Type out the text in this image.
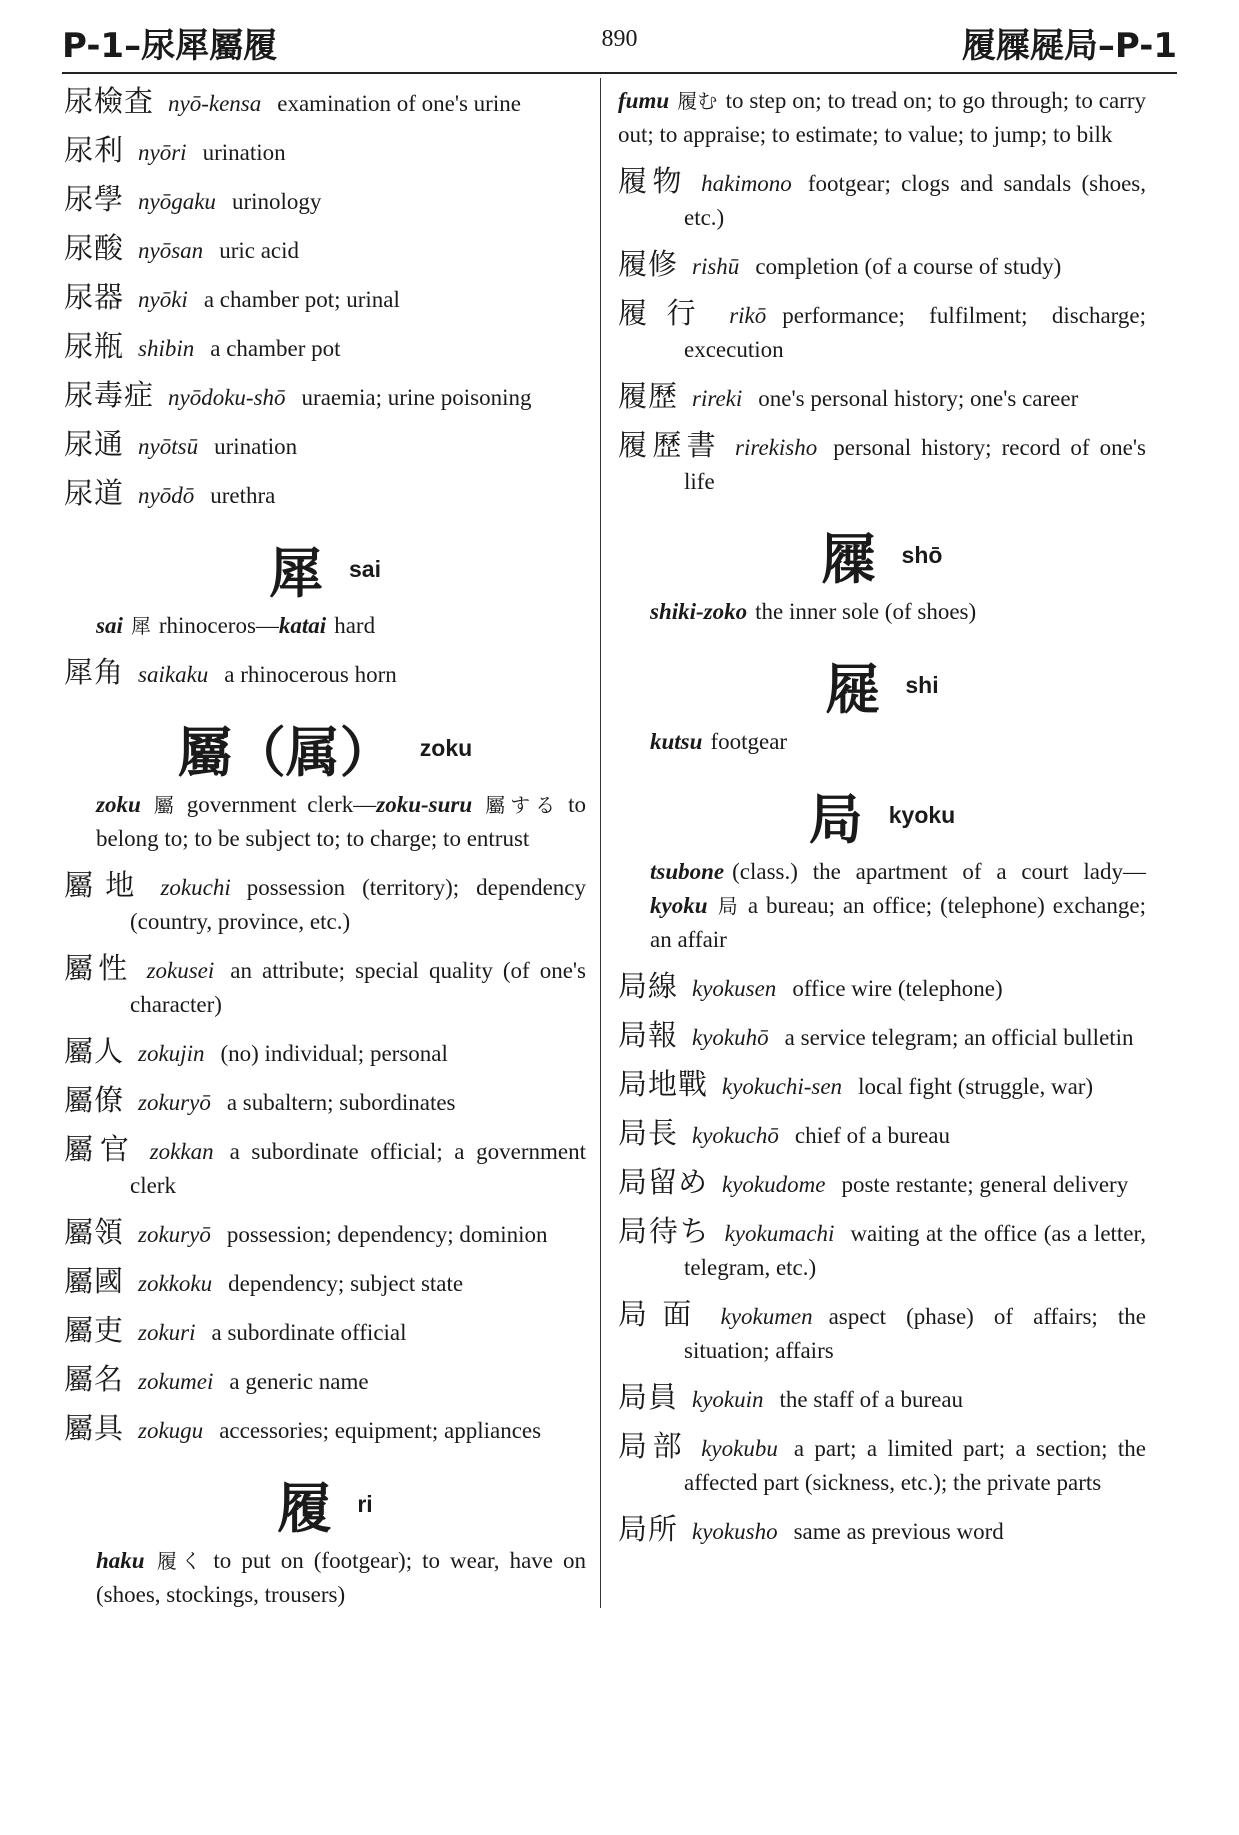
P-1–尿犀屬履	890	履屧屣局–P-1

尿檢査 nyō-kensa examination of one's urine

尿利 nyōri urination

尿學 nyōgaku urinology

尿酸 nyōsan uric acid

尿器 nyōki a chamber pot; urinal

尿瓶 shibin a chamber pot

尿毒症 nyōdoku-shō uraemia; urine poisoning

尿通 nyōtsū urination

尿道 nyōdō urethra

犀 sai

sai 犀 rhinoceros—katai hard

犀角 saikaku a rhinocerous horn

屬（属） zoku

zoku 屬 government clerk—zoku-suru 屬する to belong to; to be subject to; to charge; to entrust

屬地 zokuchi possession (territory); dependency (country, province, etc.)

屬性 zokusei an attribute; special quality (of one's character)

屬人 zokujin (no) individual; personal

屬僚 zokuryō a subaltern; subordinates

屬官 zokkan a subordinate official; a government clerk

屬領 zokuryō possession; dependency; dominion

屬國 zokkoku dependency; subject state

屬吏 zokuri a subordinate official

屬名 zokumei a generic name

屬具 zokugu accessories; equipment; appliances

履 ri

haku 履く to put on (footgear); to wear, have on (shoes, stockings, trousers)

fumu 履む to step on; to tread on; to go through; to carry out; to appraise; to estimate; to value; to jump; to bilk

履物 hakimono footgear; clogs and sandals (shoes, etc.)

履修 rishū completion (of a course of study)

履行 rikō performance; fulfilment; discharge; excecution

履歷 rireki one's personal history; one's career

履歷書 rirekisho personal history; record of one's life

屧 shō

shiki-zoko the inner sole (of shoes)

屣 shi

kutsu footgear

局 kyoku

tsubone (class.) the apartment of a court lady—kyoku 局 a bureau; an office; (telephone) exchange; an affair

局線 kyokusen office wire (telephone)

局報 kyokuhō a service telegram; an official bulletin

局地戰 kyokuchi-sen local fight (struggle, war)

局長 kyokuchō chief of a bureau

局留め kyokudome poste restante; general delivery

局待ち kyokumachi waiting at the office (as a letter, telegram, etc.)

局面 kyokumen aspect (phase) of affairs; the situation; affairs

局員 kyokuin the staff of a bureau

局部 kyokubu a part; a limited part; a section; the affected part (sickness, etc.); the private parts

局所 kyokusho same as previous word
